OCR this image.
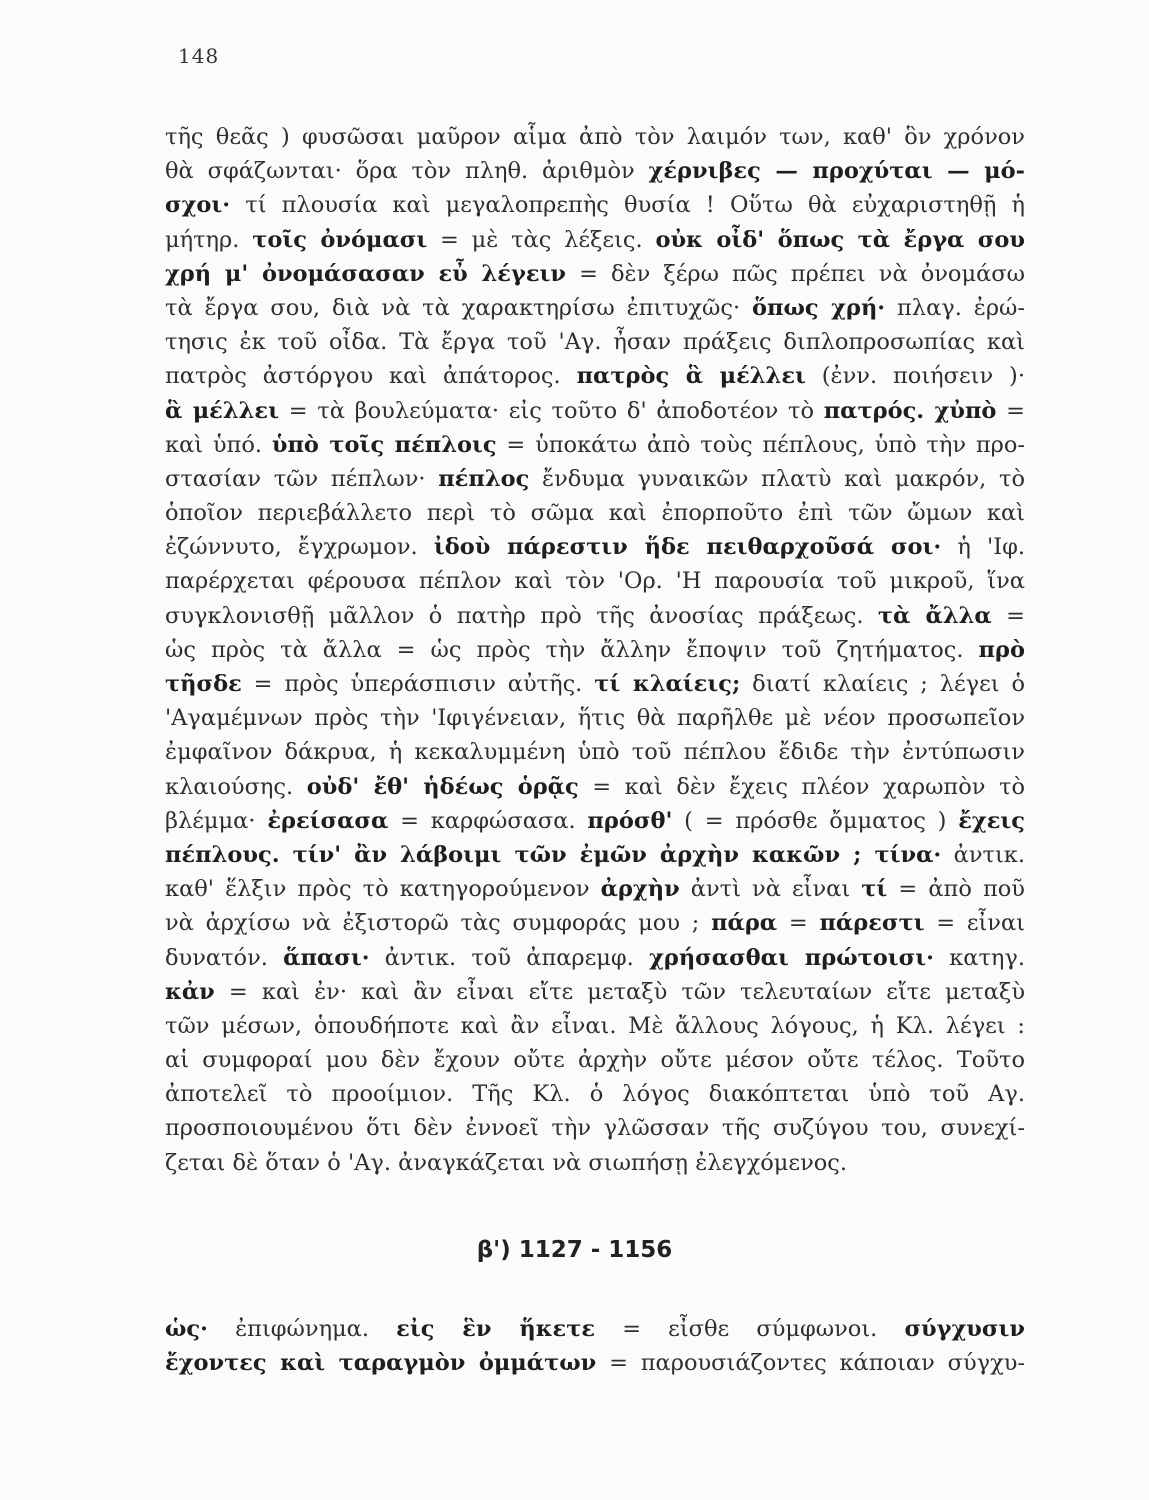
148
τῆς θεᾶς ) φυσῶσαι μαῦρον αἷμα ἀπὸ τὸν λαιμόν των, καθ' ὃν χρόνον
θὰ σφάζωνται· ὅρα τὸν πληθ. ἀριθμὸν χέρνιβες — προχύται — μό-
σχοι· τί πλουσία καὶ μεγαλοπρεπὴς θυσία ! Οὕτω θὰ εὐχαριστηθῇ ἡ
μήτηρ. τοῖς ὀνόμασι = μὲ τὰς λέξεις. οὐκ οἶδ' ὅπως τὰ ἔργα σου
χρή μ' ὀνομάσασαν εὖ λέγειν = δὲν ξέρω πῶς πρέπει νὰ ὀνομάσω
τὰ ἔργα σου, διὰ νὰ τὰ χαρακτηρίσω ἐπιτυχῶς· ὅπως χρή· πλαγ. ἐρώ-
τησις ἐκ τοῦ οἶδα. Τὰ ἔργα τοῦ 'Αγ. ἦσαν πράξεις διπλοπροσωπίας καὶ
πατρὸς ἀστόργου καὶ ἀπάτορος. πατρὸς ἃ μέλλει (ἐνν. ποιήσειν )·
ἃ μέλλει = τὰ βουλεύματα· εἰς τοῦτο δ' ἀποδοτέον τὸ πατρός. χὐπὸ =
καὶ ὑπό. ὑπὸ τοῖς πέπλοις = ὑποκάτω ἀπὸ τοὺς πέπλους, ὑπὸ τὴν προ-
στασίαν τῶν πέπλων· πέπλος ἔνδυμα γυναικῶν πλατὺ καὶ μακρόν, τὸ
ὁποῖον περιεβάλλετο περὶ τὸ σῶμα καὶ ἐπορποῦτο ἐπὶ τῶν ὤμων καὶ
ἐζώννυτο, ἔγχρωμον. ἰδοὺ πάρεστιν ἥδε πειθαρχοῦσά σοι· ἡ 'Ιφ.
παρέρχεται φέρουσα πέπλον καὶ τὸν 'Ορ. 'Η παρουσία τοῦ μικροῦ, ἵνα
συγκλονισθῇ μᾶλλον ὁ πατὴρ πρὸ τῆς ἀνοσίας πράξεως. τὰ ἄλλα =
ὡς πρὸς τὰ ἄλλα = ὡς πρὸς τὴν ἄλλην ἔποψιν τοῦ ζητήματος. πρὸ
τῆσδε = πρὸς ὑπεράσπισιν αὐτῆς. τί κλαίεις; διατί κλαίεις ; λέγει ὁ
'Αγαμέμνων πρὸς τὴν 'Ιφιγένειαν, ἥτις θὰ παρῆλθε μὲ νέον προσωπεῖον
ἐμφαῖνον δάκρυα, ἡ κεκαλυμμένη ὑπὸ τοῦ πέπλου ἔδιδε τὴν ἐντύπωσιν
κλαιούσης. οὐδ' ἔθ' ἡδέως ὁρᾷς = καὶ δὲν ἔχεις πλέον χαρωπὸν τὸ
βλέμμα· ἐρείσασα = καρφώσασα. πρόσθ' ( = πρόσθε ὄμματος ) ἔχεις
πέπλους. τίν' ἂν λάβοιμι τῶν ἐμῶν ἀρχὴν κακῶν ; τίνα· ἀντικ.
καθ' ἕλξιν πρὸς τὸ κατηγορούμενον ἀρχὴν ἀντὶ νὰ εἶναι τί = ἀπὸ ποῦ
νὰ ἀρχίσω νὰ ἐξιστορῶ τὰς συμφοράς μου ; πάρα = πάρεστι = εἶναι
δυνατόν. ἅπασι· ἀντικ. τοῦ ἀπαρεμφ. χρήσασθαι πρώτοισι· κατηγ.
κἀν = καὶ ἐν· καὶ ἂν εἶναι εἴτε μεταξὺ τῶν τελευταίων εἴτε μεταξὺ
τῶν μέσων, ὁπουδήποτε καὶ ἂν εἶναι. Μὲ ἄλλους λόγους, ἡ Κλ. λέγει :
αἱ συμφοραί μου δὲν ἔχουν οὔτε ἀρχὴν οὔτε μέσον οὔτε τέλος. Τοῦτο
ἀποτελεῖ τὸ προοίμιον. Τῆς Κλ. ὁ λόγος διακόπτεται ὑπὸ τοῦ Αγ.
προσποιουμένου ὅτι δὲν ἐννοεῖ τὴν γλῶσσαν τῆς συζύγου του, συνεχί-
ζεται δὲ ὅταν ὁ 'Αγ. ἀναγκάζεται νὰ σιωπήσῃ ἐλεγχόμενος.
β') 1127 - 1156
ὡς· ἐπιφώνημα. εἰς ἓν ἥκετε = εἶσθε σύμφωνοι. σύγχυσιν
ἔχοντες καὶ ταραγμὸν ὀμμάτων = παρουσιάζοντες κάποιαν σύγχυ-
